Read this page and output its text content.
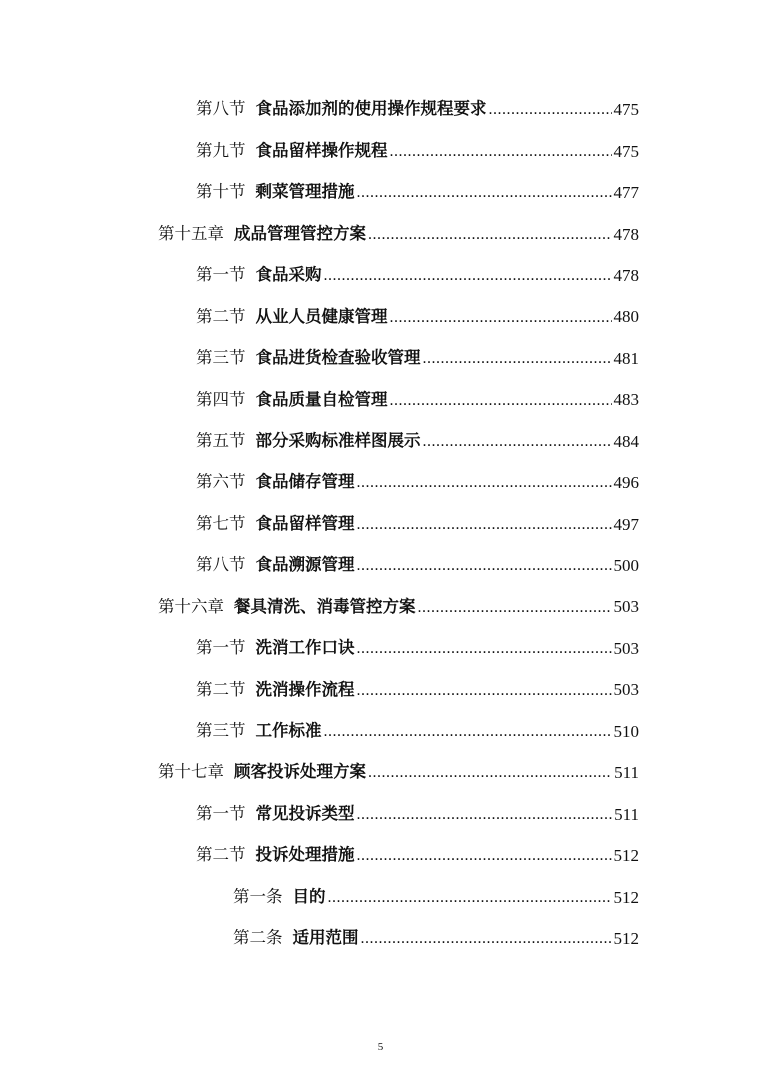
第八节 食品添加剂的使用操作规程要求 .....	475
第九节 食品留样操作规程 .....	475
第十节 剩菜管理措施 .....	477
第十五章 成品管理管控方案 .....	478
第一节 食品采购 .....	478
第二节 从业人员健康管理 .....	480
第三节 食品进货检查验收管理 .....	481
第四节 食品质量自检管理 .....	483
第五节 部分采购标准样图展示 .....	484
第六节 食品储存管理 .....	496
第七节 食品留样管理 .....	497
第八节 食品溯源管理 .....	500
第十六章 餐具清洗、消毒管控方案 .....	503
第一节 洗消工作口诀 .....	503
第二节 洗消操作流程 .....	503
第三节 工作标准 .....	510
第十七章 顾客投诉处理方案 .....	511
第一节 常见投诉类型 .....	511
第二节 投诉处理措施 .....	512
第一条 目的 .....	512
第二条 适用范围 .....	512
5
